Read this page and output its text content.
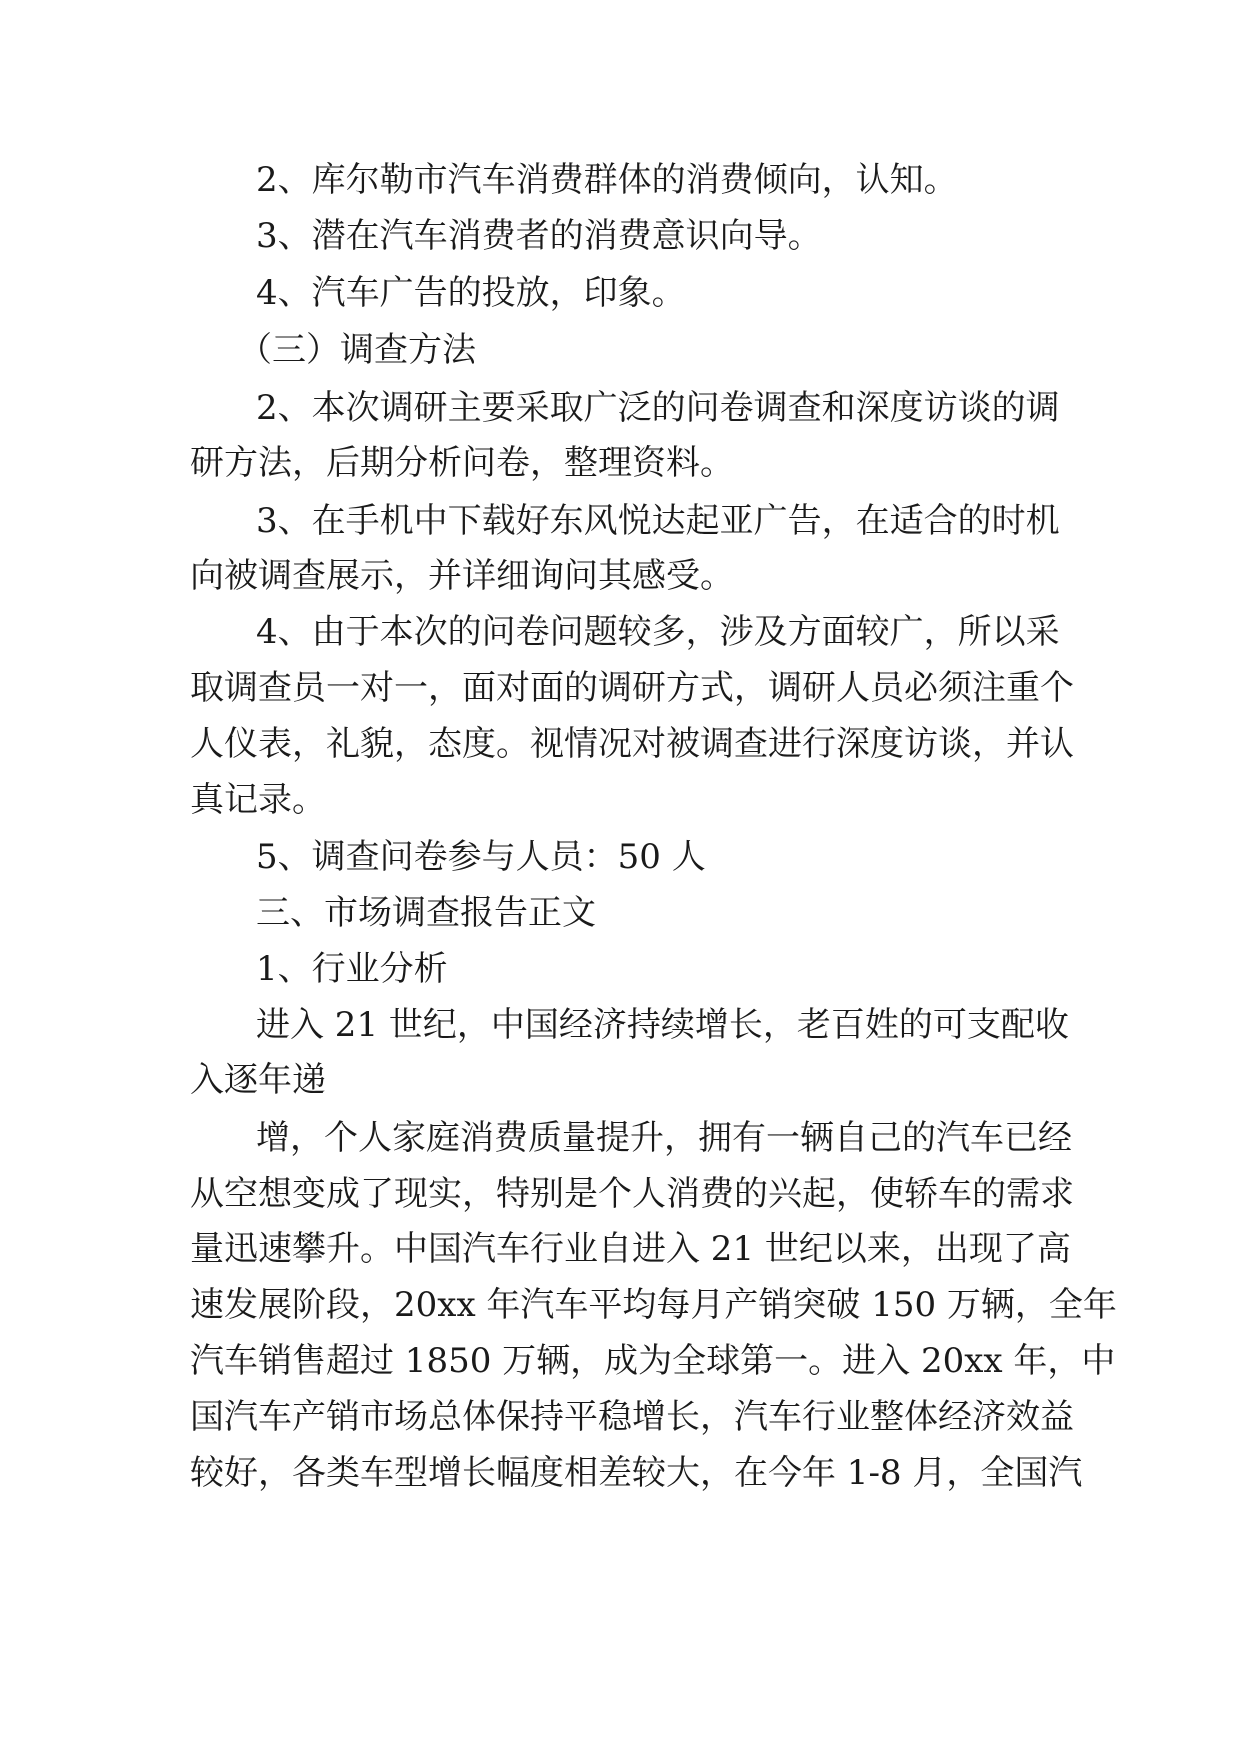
2、库尔勒市汽车消费群体的消费倾向，认知。

3、潜在汽车消费者的消费意识向导。

4、汽车广告的投放，印象。

（三）调查方法

2、本次调研主要采取广泛的问卷调查和深度访谈的调

研方法，后期分析问卷，整理资料。

3、在手机中下载好东风悦达起亚广告，在适合的时机

向被调查展示，并详细询问其感受。

4、由于本次的问卷问题较多，涉及方面较广，所以采

取调查员一对一，面对面的调研方式，调研人员必须注重个

人仪表，礼貌，态度。视情况对被调查进行深度访谈，并认

真记录。

5、调查问卷参与人员：50 人

三、市场调查报告正文

1、行业分析

进入 21 世纪，中国经济持续增长，老百姓的可支配收

入逐年递

增，个人家庭消费质量提升，拥有一辆自己的汽车已经

从空想变成了现实，特别是个人消费的兴起，使轿车的需求

量迅速攀升。中国汽车行业自进入 21 世纪以来，出现了高

速发展阶段，20xx 年汽车平均每月产销突破 150 万辆，全年

汽车销售超过 1850 万辆，成为全球第一。进入 20xx 年，中

国汽车产销市场总体保持平稳增长，汽车行业整体经济效益

较好，各类车型增长幅度相差较大，在今年 1-8 月，全国汽
